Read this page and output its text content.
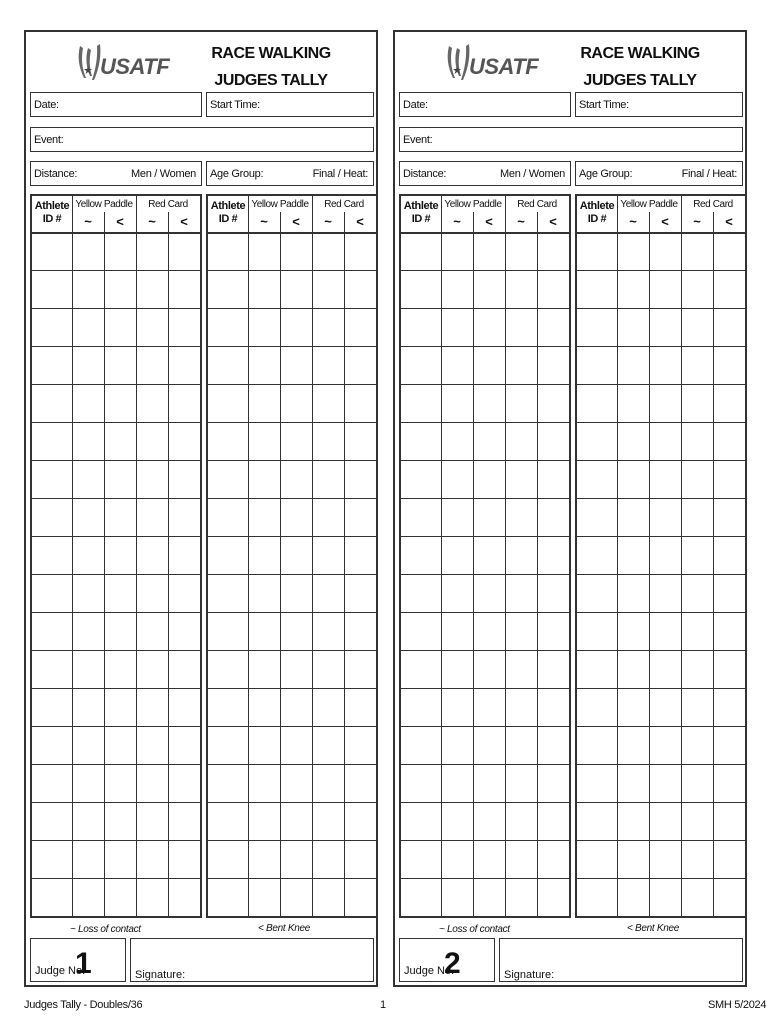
USATF
RACE WALKING
JUDGES TALLY
Date:	Start Time:
Event:
Distance:	Men / Women Age Group:	Final / Heat:
Athlete
ID #
Yellow Paddle	Red Card
~	<	~	<
Athlete
ID #
Yellow Paddle	Red Card
~	<	~	<
~ Loss of contact	< Bent Knee
Judge No.
1	Signature:
USATF
RACE WALKING
JUDGES TALLY
Date:	Start Time:
Event:
Distance:	Men / Women Age Group:	Final / Heat:
Athlete
ID #
Yellow Paddle	Red Card
~	<	~	<
Athlete
ID #
Yellow Paddle	Red Card
~	<	~	<
~ Loss of contact	< Bent Knee
Judge No.
2	Signature:
Judges Tally - Doubles/36	1	SMH 5/2024
